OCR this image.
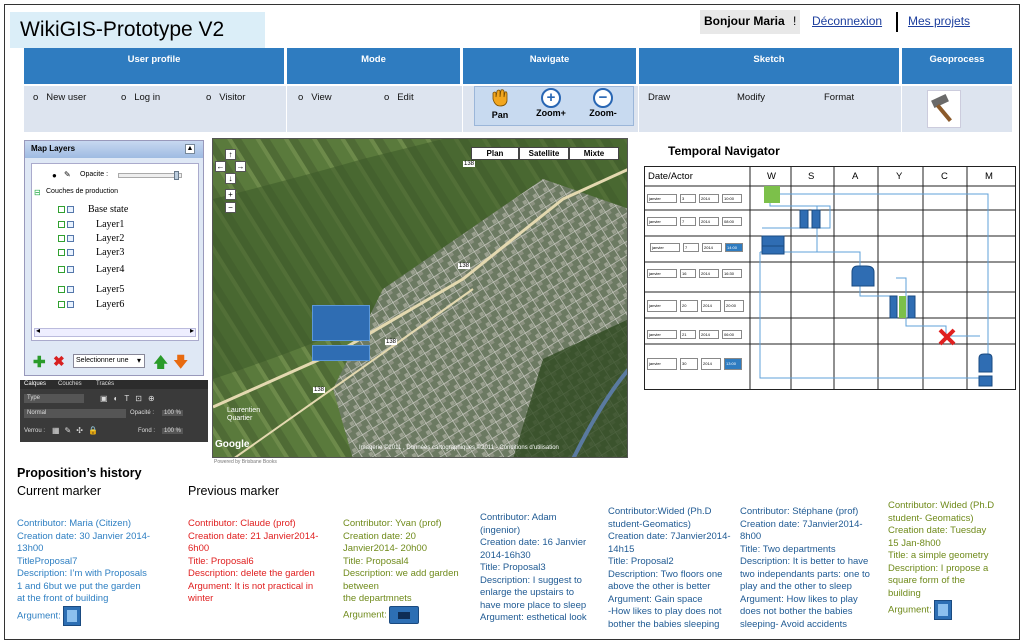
WikiGIS-Prototype V2	Bonjour Maria ! Déconnexion Mes projets
User profile	Mode	Navigate	Sketch	Geoprocess
o New user	o Log in	o Visitor	o View	o Edit
Pan
+
Zoom+
−
Zoom-
Draw	Modify	Format
Map Layers	▲
● ✎ Opacite :
⊟ Couches de production
Base state
Layer1
Layer2
Layer3
Layer4
Layer5
Layer6
◂	▸
✚ ✖	Selectionner une	▾ 🡅 🡇
Calques Couches Tracés
Type	▣◐T⊡⊕
Normal	Opacité :	100 %
Verrou : ▦✎✣🔒	Fond :	100 %
138
138
138
138
Laurentien Quartier
Plan	Satellite	Mixte
↑
← →
↓
+
−
Google	Imagerie ©2011 , Données cartographiques ©2011 - Conditions d'utilisation
Powered by Brisbane Books
Temporal Navigator
Date/Actor	W	S	A	Y	C	M
janvier	3	2014	10:00
janvier	7	2014	08:00
janvier	7	2014	14:00
janvier	16	2014	16:30
janvier	20	2014	20:00
janvier	21	2014	06:00
janvier	30	2014	13:00
Proposition’s history
Current marker	Previous marker
Contributor: Maria (Citizen)
Creation date: 30 Janvier 2014-
13h00
TitleProposal7
Description: I’m with Proposals
1 and 6but we put the garden
at the front of building
Argument:
Contributor: Claude (prof)
Creation date: 21 Janvier2014-
6h00
Title: Proposal6
Description: delete the garden
Argument: It is not practical in
winter
Contributor: Yvan (prof)
Creation date: 20
Janvier2014- 20h00
Title: Proposal4
Description: we add garden
between
the departmnets
Argument:
Contributor: Adam
(ingenior)
Creation date: 16 Janvier
2014-16h30
Title: Proposal3
Description: I suggest to
enlarge the upstairs to
have more place to sleep
Argument: esthetical look
Contributor:Wided (Ph.D
student-Geomatics)
Creation date: 7Janvier2014-
14h15
Title: Proposal2
Description: Two floors one
above the other is better
Argument: Gain space
-How likes to play does not
bother the babies sleeping
Contributor: Stéphane (prof)
Creation date: 7Janvier2014-
8h00
Title: Two departments
Description: It is better to have
two independants parts: one to
play and the other to sleep
Argument: How likes to play
does not bother the babies
sleeping- Avoid accidents
Contributor: Wided (Ph.D
student- Geomatics)
Creation date: Tuesday
15 Jan-8h00
Title: a simple geometry
Description: I propose a
square form of the
building
Argument:
